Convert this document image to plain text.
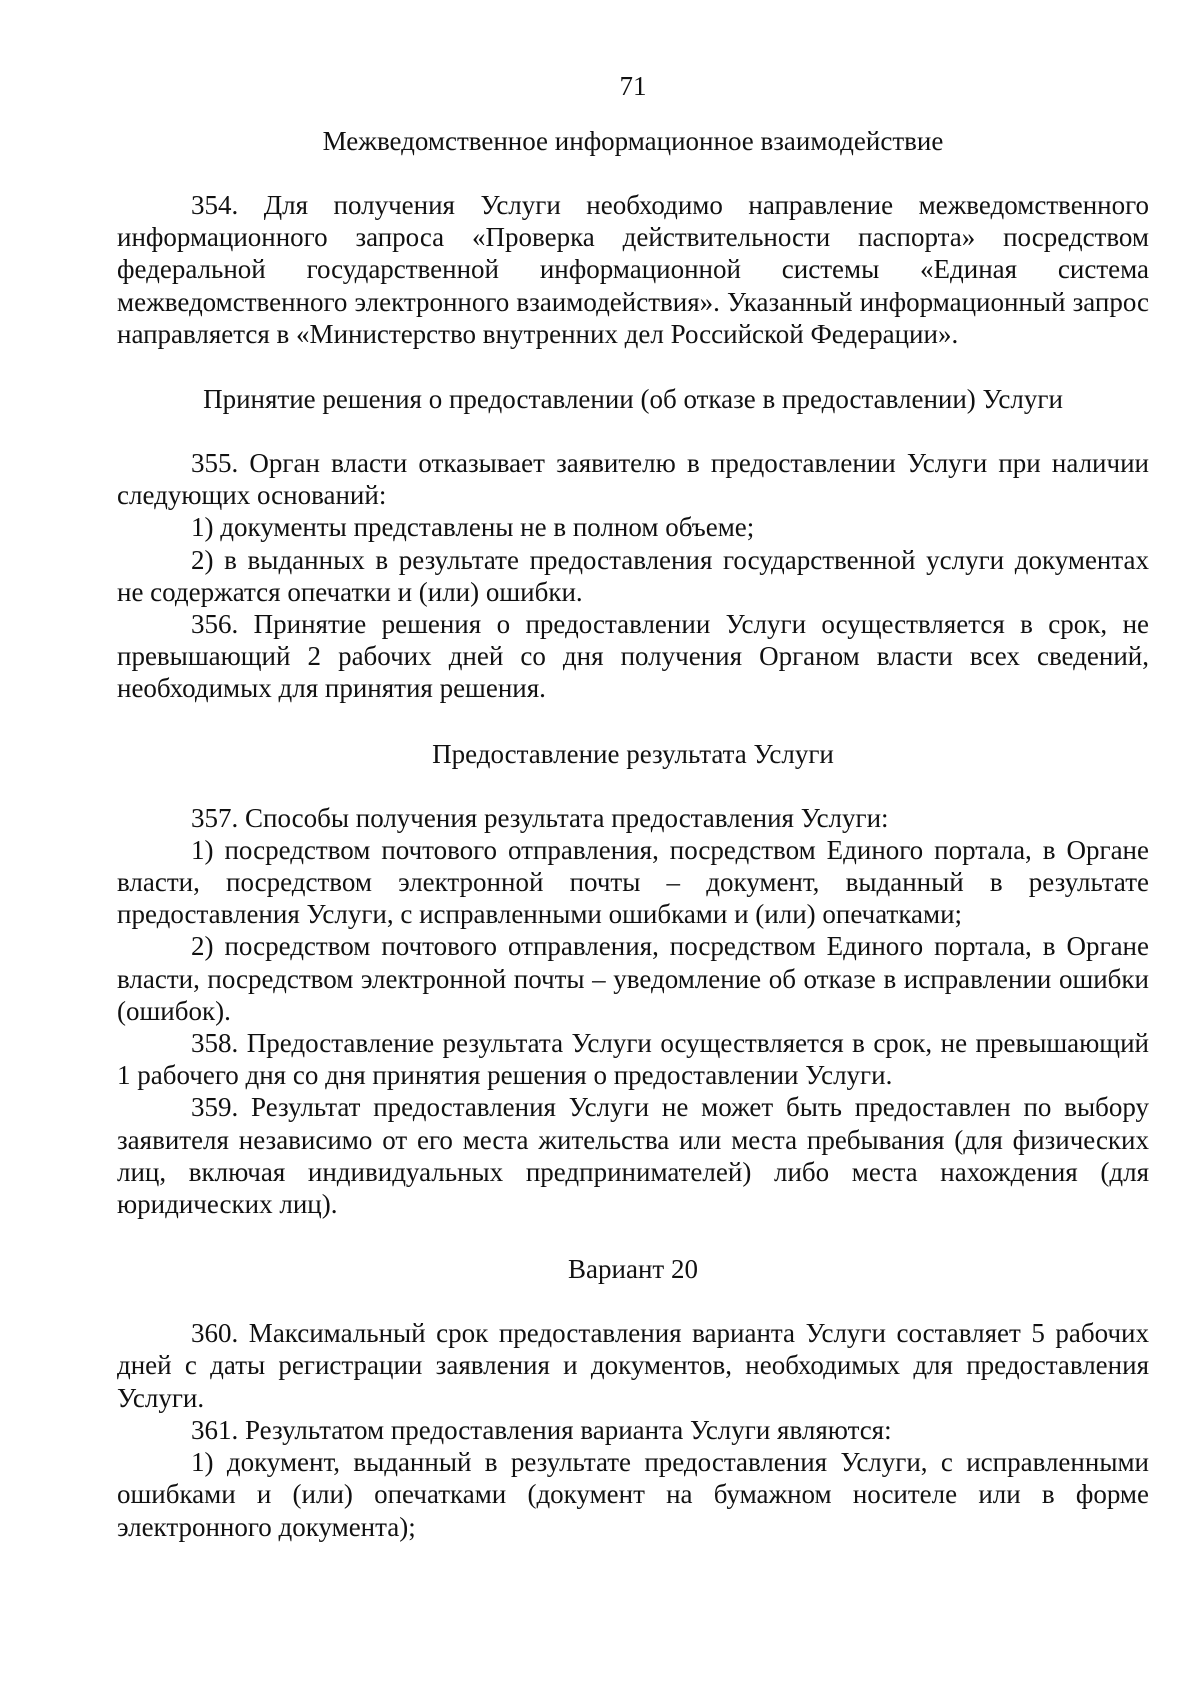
71
Межведомственное информационное взаимодействие

354. Для получения Услуги необходимо направление межведомственного информационного запроса «Проверка действительности паспорта» посредством федеральной государственной информационной системы «Единая система межведомственного электронного взаимодействия». Указанный информационный запрос направляется в «Министерство внутренних дел Российской Федерации».

Принятие решения о предоставлении (об отказе в предоставлении) Услуги

355. Орган власти отказывает заявителю в предоставлении Услуги при наличии следующих оснований:

1) документы представлены не в полном объеме;

2) в выданных в результате предоставления государственной услуги документах не содержатся опечатки и (или) ошибки.

356. Принятие решения о предоставлении Услуги осуществляется в срок, не превышающий 2 рабочих дней со дня получения Органом власти всех сведений, необходимых для принятия решения.

Предоставление результата Услуги

357. Способы получения результата предоставления Услуги:

1) посредством почтового отправления, посредством Единого портала, в Органе власти, посредством электронной почты – документ, выданный в результате предоставления Услуги, с исправленными ошибками и (или) опечатками;

2) посредством почтового отправления, посредством Единого портала, в Органе власти, посредством электронной почты – уведомление об отказе в исправлении ошибки (ошибок).

358. Предоставление результата Услуги осуществляется в срок, не превышающий 1 рабочего дня со дня принятия решения о предоставлении Услуги.

359. Результат предоставления Услуги не может быть предоставлен по выбору заявителя независимо от его места жительства или места пребывания (для физических лиц, включая индивидуальных предпринимателей) либо места нахождения (для юридических лиц).

Вариант 20

360. Максимальный срок предоставления варианта Услуги составляет 5 рабочих дней с даты регистрации заявления и документов, необходимых для предоставления Услуги.

361. Результатом предоставления варианта Услуги являются:

1) документ, выданный в результате предоставления Услуги, с исправленными ошибками и (или) опечатками (документ на бумажном носителе или в форме электронного документа);
